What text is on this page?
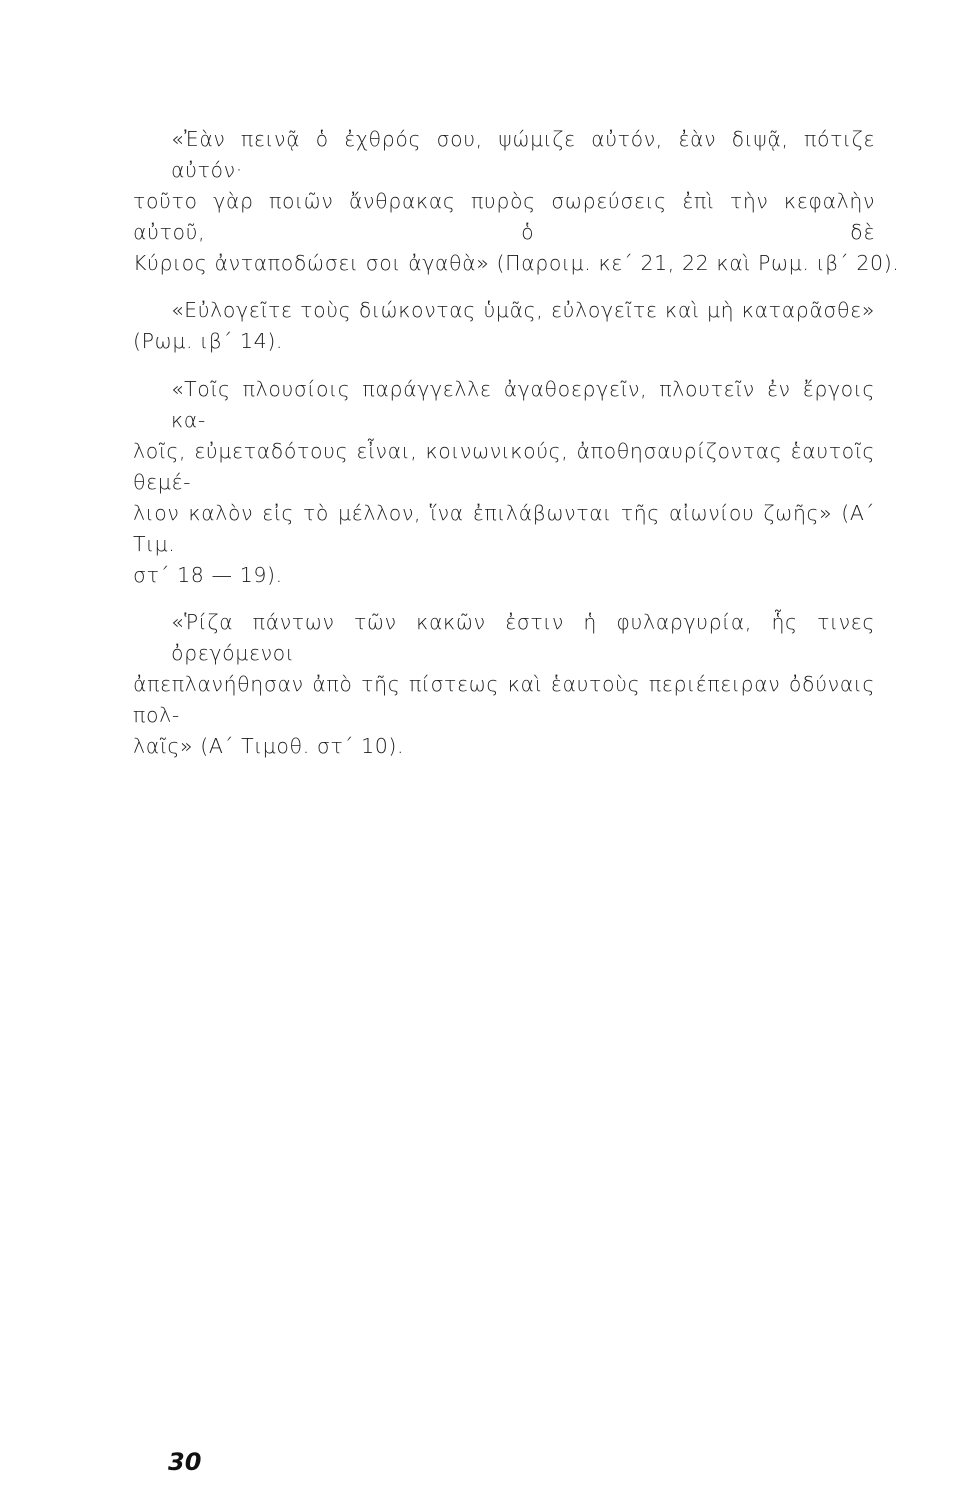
«Ἐὰν πεινᾷ ὁ ἐχθρός σου, ψώμιζε αὐτόν, ἐὰν διψᾷ, πότιζε αὐτόν·
τοῦτο γὰρ ποιῶν ἄνθρακας πυρὸς σωρεύσεις ἐπὶ τὴν κεφαλὴν αὐτοῦ, ὁ δὲ
Κύριος ἀνταποδώσει σοι ἀγαθὰ» (Παροιμ. κε΄ 21, 22 καὶ Ρωμ. ιβ΄ 20).

«Εὐλογεῖτε τοὺς διώκοντας ὑμᾶς, εὐλογεῖτε καὶ μὴ καταρᾶσθε»
(Ρωμ. ιβ΄ 14).

«Τοῖς πλουσίοις παράγγελλε ἀγαθοεργεῖν, πλουτεῖν ἐν ἔργοις κα-
λοῖς, εὐμεταδότους εἶναι, κοινωνικούς, ἀποθησαυρίζοντας ἑαυτοῖς θεμέ-
λιον καλὸν εἰς τὸ μέλλον, ἵνα ἐπιλάβωνται τῆς αἰωνίου ζωῆς» (Α΄ Τιμ.
στ΄ 18 — 19).

«Ῥίζα πάντων τῶν κακῶν ἐστιν ἡ φυλαργυρία, ἧς τινες ὀρεγόμενοι
ἀπεπλανήθησαν ἀπὸ τῆς πίστεως καὶ ἑαυτοὺς περιέπειραν ὀδύναις πολ-
λαῖς» (Α΄ Τιμοθ. στ΄ 10).

30
